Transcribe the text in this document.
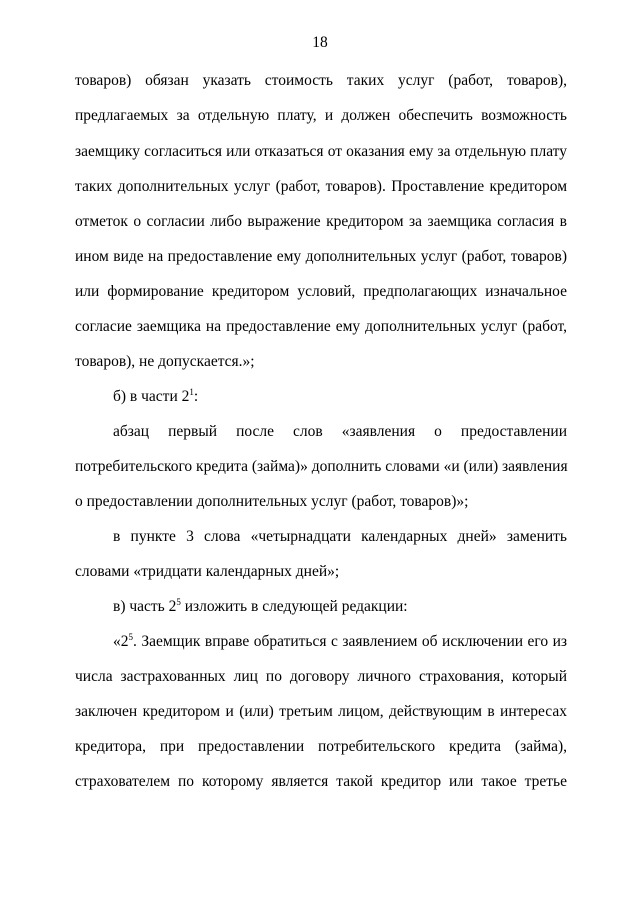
18
товаров) обязан указать стоимость таких услуг (работ, товаров),
предлагаемых за отдельную плату, и должен обеспечить возможность
заемщику согласиться или отказаться от оказания ему за отдельную плату
таких дополнительных услуг (работ, товаров). Проставление кредитором
отметок о согласии либо выражение кредитором за заемщика согласия в
ином виде на предоставление ему дополнительных услуг (работ, товаров)
или формирование кредитором условий, предполагающих изначальное
согласие заемщика на предоставление ему дополнительных услуг (работ,
товаров), не допускается.»;
б) в части $2^1$:
абзац первый после слов «заявления о предоставлении
потребительского кредита (займа)» дополнить словами «и (или) заявления
о предоставлении дополнительных услуг (работ, товаров)»;
в пункте 3 слова «четырнадцати календарных дней» заменить
словами «тридцати календарных дней»;
в) часть $2^5$ изложить в следующей редакции:
«$2^5$. Заемщик вправе обратиться с заявлением об исключении его из
числа застрахованных лиц по договору личного страхования, который
заключен кредитором и (или) третьим лицом, действующим в интересах
кредитора, при предоставлении потребительского кредита (займа),
страхователем по которому является такой кредитор или такое третье
